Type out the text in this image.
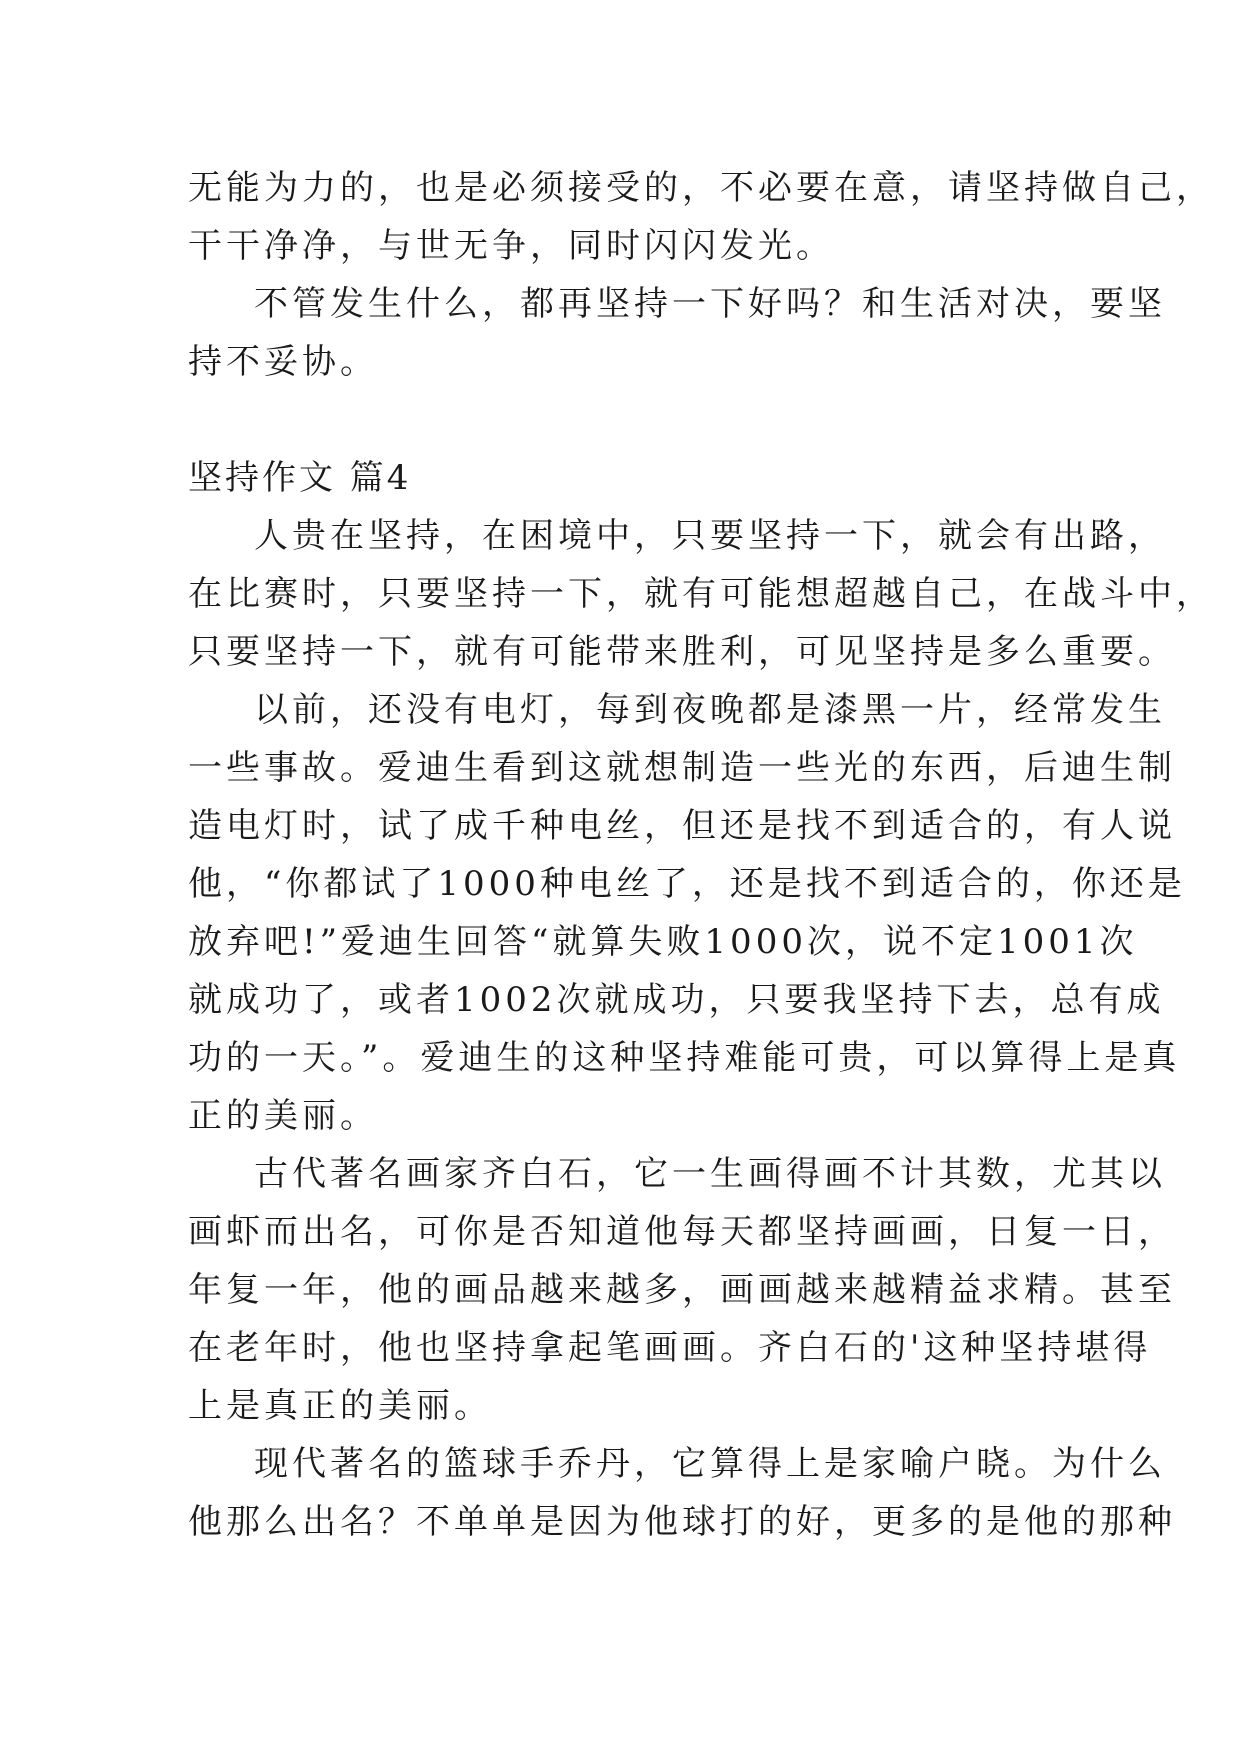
无能为力的，也是必须接受的，不必要在意，请坚持做自己，
干干净净，与世无争，同时闪闪发光。
不管发生什么，都再坚持一下好吗？和生活对决，要坚
持不妥协。
坚持作文 篇4
人贵在坚持，在困境中，只要坚持一下，就会有出路，
在比赛时，只要坚持一下，就有可能想超越自己，在战斗中，
只要坚持一下，就有可能带来胜利，可见坚持是多么重要。
以前，还没有电灯，每到夜晚都是漆黑一片，经常发生
一些事故。爱迪生看到这就想制造一些光的东西，后迪生制
造电灯时，试了成千种电丝，但还是找不到适合的，有人说
他，“你都试了1000种电丝了，还是找不到适合的，你还是
放弃吧!”爱迪生回答“就算失败1000次，说不定1001次
就成功了，或者1002次就成功，只要我坚持下去，总有成
功的一天。”。爱迪生的这种坚持难能可贵，可以算得上是真
正的美丽。
古代著名画家齐白石，它一生画得画不计其数，尤其以
画虾而出名，可你是否知道他每天都坚持画画，日复一日，
年复一年，他的画品越来越多，画画越来越精益求精。甚至
在老年时，他也坚持拿起笔画画。齐白石的'这种坚持堪得
上是真正的美丽。
现代著名的篮球手乔丹，它算得上是家喻户晓。为什么
他那么出名？不单单是因为他球打的好，更多的是他的那种
